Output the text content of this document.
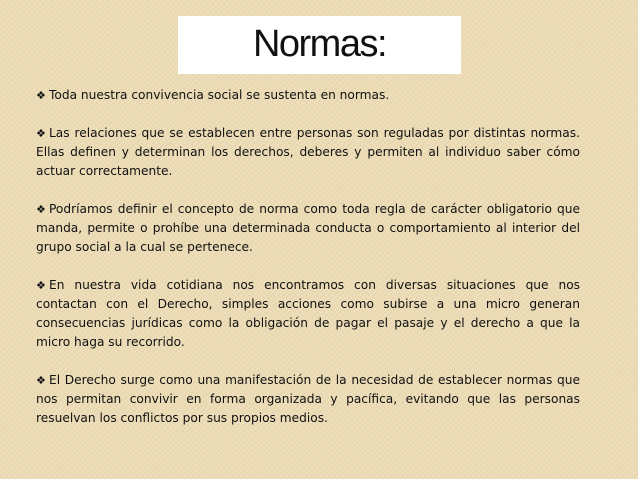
Normas:

❖ Toda nuestra convivencia social se sustenta en normas.

❖ Las relaciones que se establecen entre personas son reguladas por distintas normas. Ellas definen y determinan los derechos, deberes y permiten al individuo saber cómo actuar correctamente.

❖ Podríamos definir el concepto de norma como toda regla de carácter obligatorio que manda, permite o prohíbe una determinada conducta o comportamiento al interior del grupo social a la cual se pertenece.

❖ En nuestra vida cotidiana nos encontramos con diversas situaciones que nos contactan con el Derecho, simples acciones como subirse a una micro generan consecuencias jurídicas como la obligación de pagar el pasaje y el derecho a que la micro haga su recorrido.

❖ El Derecho surge como una manifestación de la necesidad de establecer normas que nos permitan convivir en forma organizada y pacífica, evitando que las personas resuelvan los conflictos por sus propios medios.
